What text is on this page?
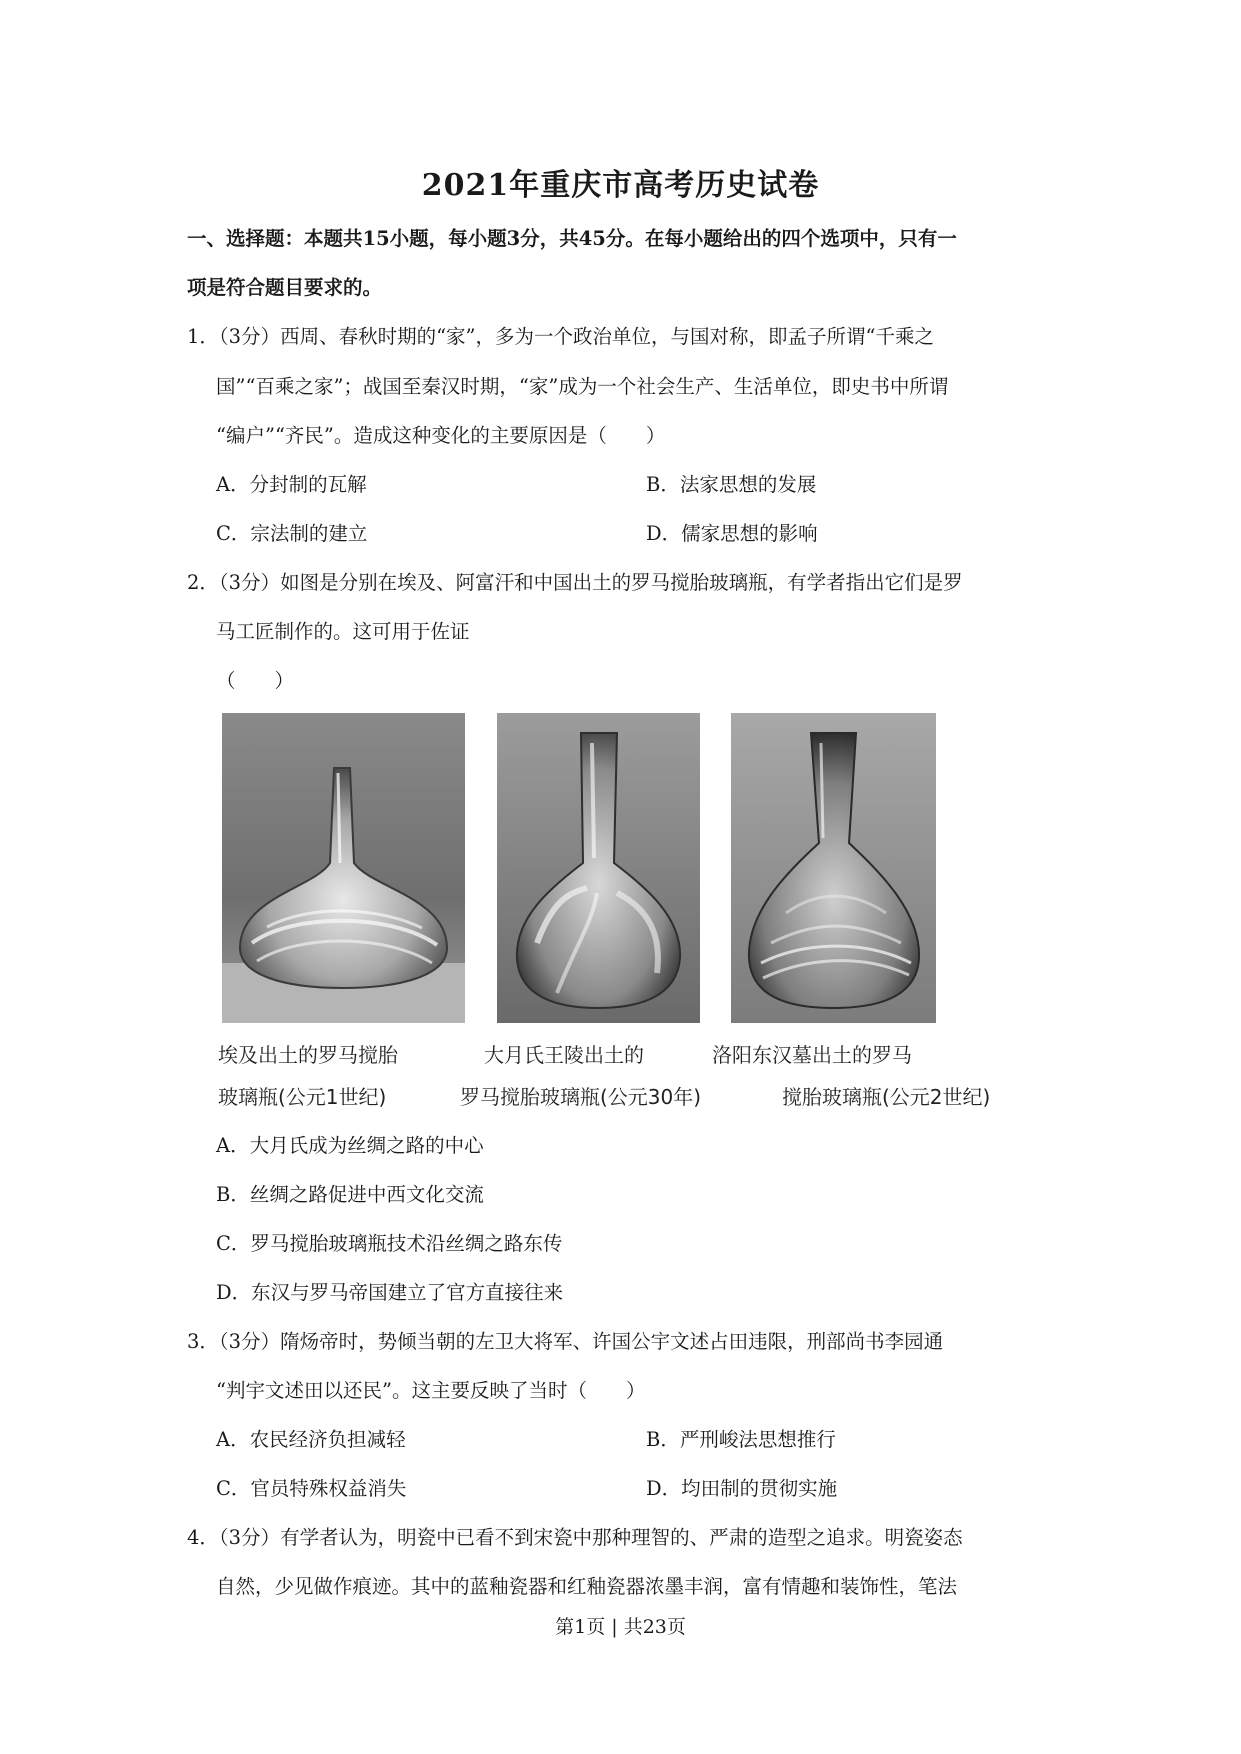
2021年重庆市高考历史试卷
一、选择题：本题共15小题，每小题3分，共45分。在每小题给出的四个选项中，只有一
项是符合题目要求的。
1．（3分）西周、春秋时期的“家”，多为一个政治单位，与国对称，即孟子所谓“千乘之
国”“百乘之家”；战国至秦汉时期，“家”成为一个社会生产、生活单位，即史书中所谓
“编户”“齐民”。造成这种变化的主要原因是（　　）
A．分封制的瓦解	B．法家思想的发展
C．宗法制的建立	D．儒家思想的影响
2．（3分）如图是分别在埃及、阿富汗和中国出土的罗马搅胎玻璃瓶，有学者指出它们是罗
马工匠制作的。这可用于佐证
（　　）
埃及出土的罗马搅胎
玻璃瓶(公元1世纪)
大月氏王陵出土的
罗马搅胎玻璃瓶(公元30年)
洛阳东汉墓出土的罗马
搅胎玻璃瓶(公元2世纪)
A．大月氏成为丝绸之路的中心
B．丝绸之路促进中西文化交流
C．罗马搅胎玻璃瓶技术沿丝绸之路东传
D．东汉与罗马帝国建立了官方直接往来
3．（3分）隋炀帝时，势倾当朝的左卫大将军、许国公宇文述占田违限，刑部尚书李园通
“判宇文述田以还民”。这主要反映了当时（　　）
A．农民经济负担减轻	B．严刑峻法思想推行
C．官员特殊权益消失	D．均田制的贯彻实施
4．（3分）有学者认为，明瓷中已看不到宋瓷中那种理智的、严肃的造型之追求。明瓷姿态
自然，少见做作痕迹。其中的蓝釉瓷器和红釉瓷器浓墨丰润，富有情趣和装饰性，笔法
第1页 | 共23页
